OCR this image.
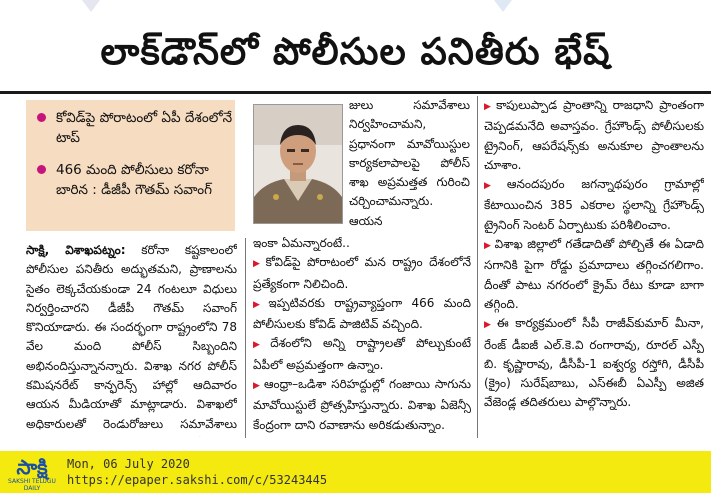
లాక్‌డౌన్‌లో పోలీసుల పనితీరు భేష్
కోవిడ్‌పై పోరాటంలో ఏపీ దేశంలోనే టాప్
466 మంది పోలీసులు కరోనా బారిన : డీజీపీ గౌతమ్ సవాంగ్

సాక్షి, విశాఖపట్నం: కరోనా కష్టకాలంలో పోలీసుల పనితీరు అద్భుతమని, ప్రాణాలను సైతం లెక్కచేయకుండా 24 గంటలూ విధులు నిర్వర్తించారని డీజీపీ గౌతమ్ సవాంగ్ కొనియాడారు. ఈ సందర్భంగా రాష్ట్రంలోని 78 వేల మంది పోలీస్ సిబ్బందిని అభినందిస్తున్నానన్నారు. విశాఖ నగర పోలీస్ కమిషనరేట్ కాన్ఫరెన్స్ హాల్లో ఆదివారం ఆయన మీడియాతో మాట్లాడారు. విశాఖలో అధికారులతో రెండురోజులు సమావేశాలు

జులు సమావేశాలు నిర్వహించామని, ప్రధానంగా మావోయిస్టుల కార్యకలాపాలపై పోలీస్ శాఖ అప్రమత్తత గురించి చర్చించామన్నారు. ఆయన

ఇంకా ఏమన్నారంటే..

▶ కోవిడ్‌పై పోరాటంలో మన రాష్ట్రం దేశంలోనే ప్రత్యేకంగా నిలిచింది.

▶ ఇప్పటివరకు రాష్ట్రవ్యాప్తంగా 466 మంది పోలీసులకు కోవిడ్ పాజిటివ్ వచ్చింది.

▶ దేశంలోని అన్ని రాష్ట్రాలతో పోల్చుకుంటే ఏపీలో అప్రమత్తంగా ఉన్నాం.

▶ ఆంధ్రా–ఒడిశా సరిహద్దుల్లో గంజాయి సాగును మావోయిస్టులే ప్రోత్సహిస్తున్నారు. విశాఖ ఏజెన్సీ కేంద్రంగా దాని రవాణాను అరికడుతున్నాం.

▶ కాపులుప్పాడ ప్రాంతాన్ని రాజధాని ప్రాంతంగా చెప్పడమనేది అవాస్తవం. గ్రేహౌండ్స్ పోలీసులకు ట్రైనింగ్, ఆపరేషన్స్‌కు అనుకూల ప్రాంతాలను చూశాం.

▶ ఆనందపురం జగన్నాథపురం గ్రామాల్లో కేటాయించిన 385 ఎకరాల స్థలాన్ని గ్రేహౌండ్స్ ట్రైనింగ్ సెంటర్ ఏర్పాటుకు పరిశీలించాం.

▶ విశాఖ జిల్లాలో గతేడాదితో పోల్చితే ఈ ఏడాది సగానికి పైగా రోడ్డు ప్రమాదాలు తగ్గించగలిగాం. దీంతో పాటు నగరంలో క్రైమ్ రేటు కూడా బాగా తగ్గింది.

▶ ఈ కార్యక్రమంలో సీపీ రాజీవ్‌కుమార్ మీనా, రేంజ్ డీఐజీ ఎల్.కె.వి రంగారావు, రూరల్ ఎస్పీ బి. కృష్ణారావు, డీసీపీ-1 ఐశ్వర్య రస్తోగి, డీసీపీ (క్రైం) సురేష్‌బాబు, ఎస్ఈబీ ఏఎస్పీ అజిత వేజెండ్ల తదితరులు పాల్గొన్నారు.

సాక్షి
SAKSHI TELUGU DAILY
Mon, 06 July 2020
https://epaper.sakshi.com/c/53243445
